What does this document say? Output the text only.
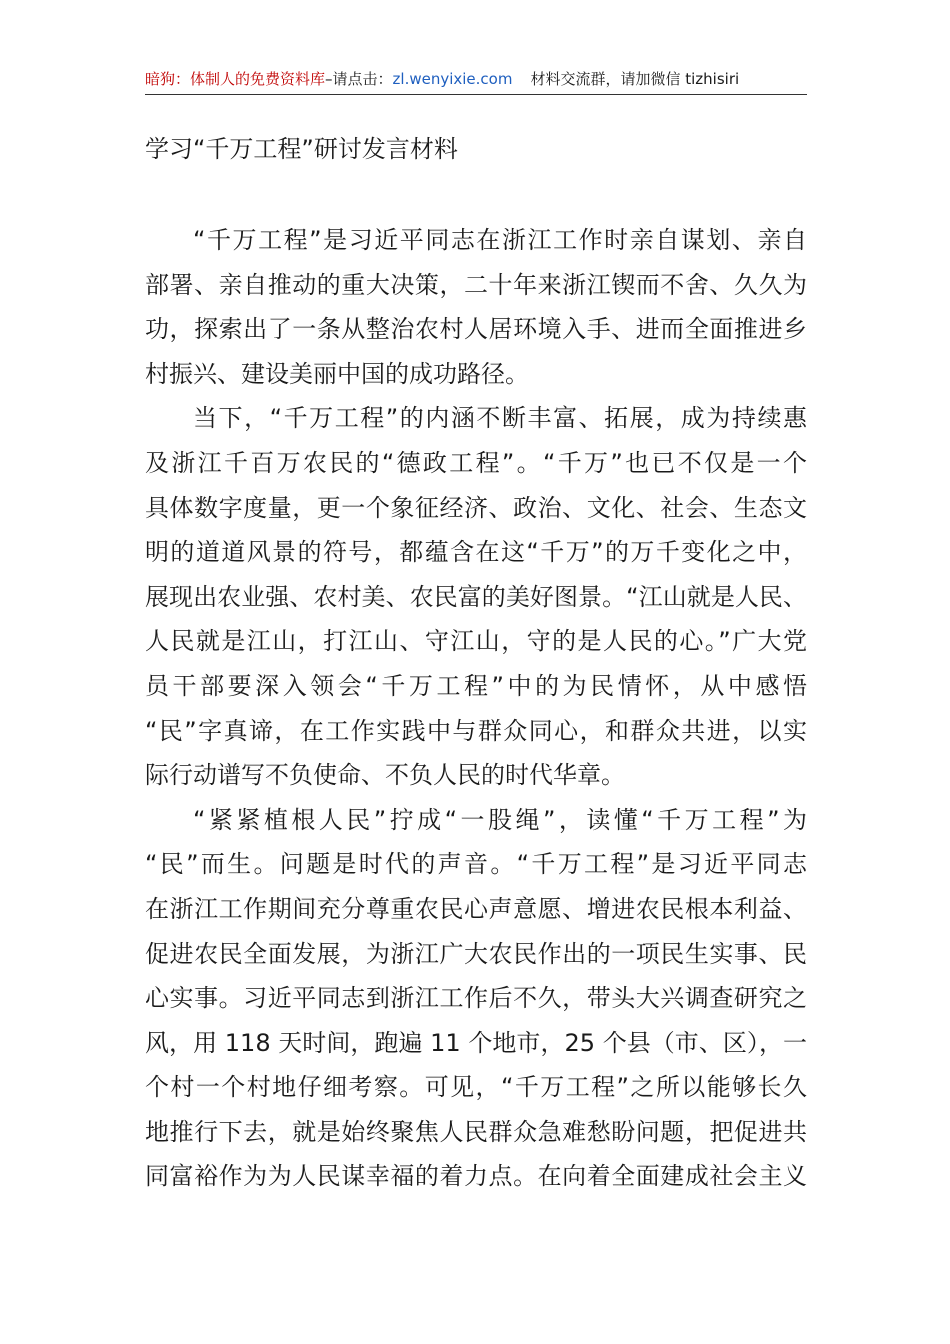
暗狗：体制人的免费资料库–请点击：zl.wenyixie.com 材料交流群，请加微信 tizhisiri
学习“千万工程”研讨发言材料
“千万工程”是习近平同志在浙江工作时亲自谋划、亲自
部署、亲自推动的重大决策，二十年来浙江锲而不舍、久久为
功，探索出了一条从整治农村人居环境入手、进而全面推进乡
村振兴、建设美丽中国的成功路径。
当下，“千万工程”的内涵不断丰富、拓展，成为持续惠
及浙江千百万农民的“德政工程”。“千万”也已不仅是一个
具体数字度量，更一个象征经济、政治、文化、社会、生态文
明的道道风景的符号，都蕴含在这“千万”的万千变化之中，
展现出农业强、农村美、农民富的美好图景。“江山就是人民、
人民就是江山，打江山、守江山，守的是人民的心。”广大党
员干部要深入领会“千万工程”中的为民情怀，从中感悟
“民”字真谛，在工作实践中与群众同心，和群众共进，以实
际行动谱写不负使命、不负人民的时代华章。
“紧紧植根人民”拧成“一股绳”，读懂“千万工程”为
“民”而生。问题是时代的声音。“千万工程”是习近平同志
在浙江工作期间充分尊重农民心声意愿、增进农民根本利益、
促进农民全面发展，为浙江广大农民作出的一项民生实事、民
心实事。习近平同志到浙江工作后不久，带头大兴调查研究之
风，用 118 天时间，跑遍 11 个地市，25 个县（市、区），一
个村一个村地仔细考察。可见，“千万工程”之所以能够长久
地推行下去，就是始终聚焦人民群众急难愁盼问题，把促进共
同富裕作为为人民谋幸福的着力点。在向着全面建成社会主义
